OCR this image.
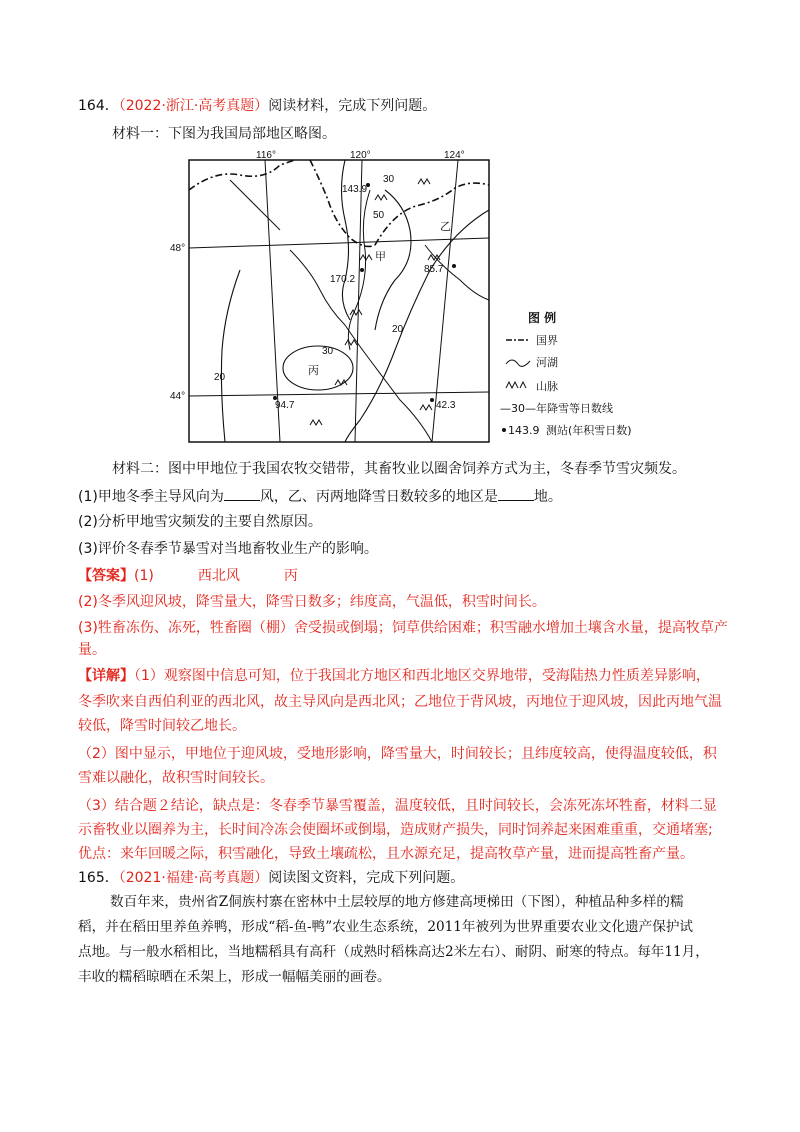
164．（2022·浙江·高考真题）阅读材料，完成下列问题。
材料一：下图为我国局部地区略图。
116°	120°	124°
48°
44°
30
50
20
30
20
甲
乙
丙
143.9
170.2
85.7
94.7	42.3
图 例
国界
河湖
山脉
—30— 年降雪等日数线
143.9 测站(年积雪日数)
材料二：图中甲地位于我国农牧交错带，其畜牧业以圈舍饲养方式为主，冬春季节雪灾频发。
(1)甲地冬季主导风向为	风，乙、丙两地降雪日数较多的地区是	地。
(2)分析甲地雪灾频发的主要自然原因。
(3)评价冬春季节暴雪对当地畜牧业生产的影响。
【答案】(1)	西北风	丙
(2)冬季风迎风坡，降雪量大，降雪日数多；纬度高，气温低，积雪时间长。
(3)牲畜冻伤、冻死，牲畜圈（棚）舍受损或倒塌；饲草供给困难；积雪融水增加土壤含水量，提高牧草产
量。
【详解】（1）观察图中信息可知，位于我国北方地区和西北地区交界地带，受海陆热力性质差异影响，
冬季吹来自西伯利亚的西北风，故主导风向是西北风；乙地位于背风坡，丙地位于迎风坡，因此丙地气温
较低，降雪时间较乙地长。
（2）图中显示，甲地位于迎风坡，受地形影响，降雪量大，时间较长；且纬度较高，使得温度较低，积
雪难以融化，故积雪时间较长。
（3）结合题２结论，缺点是：冬春季节暴雪覆盖，温度较低，且时间较长，会冻死冻坏牲畜，材料二显
示畜牧业以圈养为主，长时间冷冻会使圈坏或倒塌，造成财产损失，同时饲养起来困难重重，交通堵塞;
优点：来年回暖之际，积雪融化，导致土壤疏松，且水源充足，提高牧草产量，进而提高牲畜产量。
165．（2021·福建·高考真题）阅读图文资料，完成下列问题。
数百年来，贵州省Z侗族村寨在密林中土层较厚的地方修建高埂梯田（下图），种植品种多样的糯
稻，并在稻田里养鱼养鸭，形成“稻-鱼-鸭”农业生态系统，2011年被列为世界重要农业文化遗产保护试
点地。与一般水稻相比，当地糯稻具有高秆（成熟时稻株高达2米左右）、耐阴、耐寒的特点。每年11月，
丰收的糯稻晾晒在禾架上，形成一幅幅美丽的画卷。
